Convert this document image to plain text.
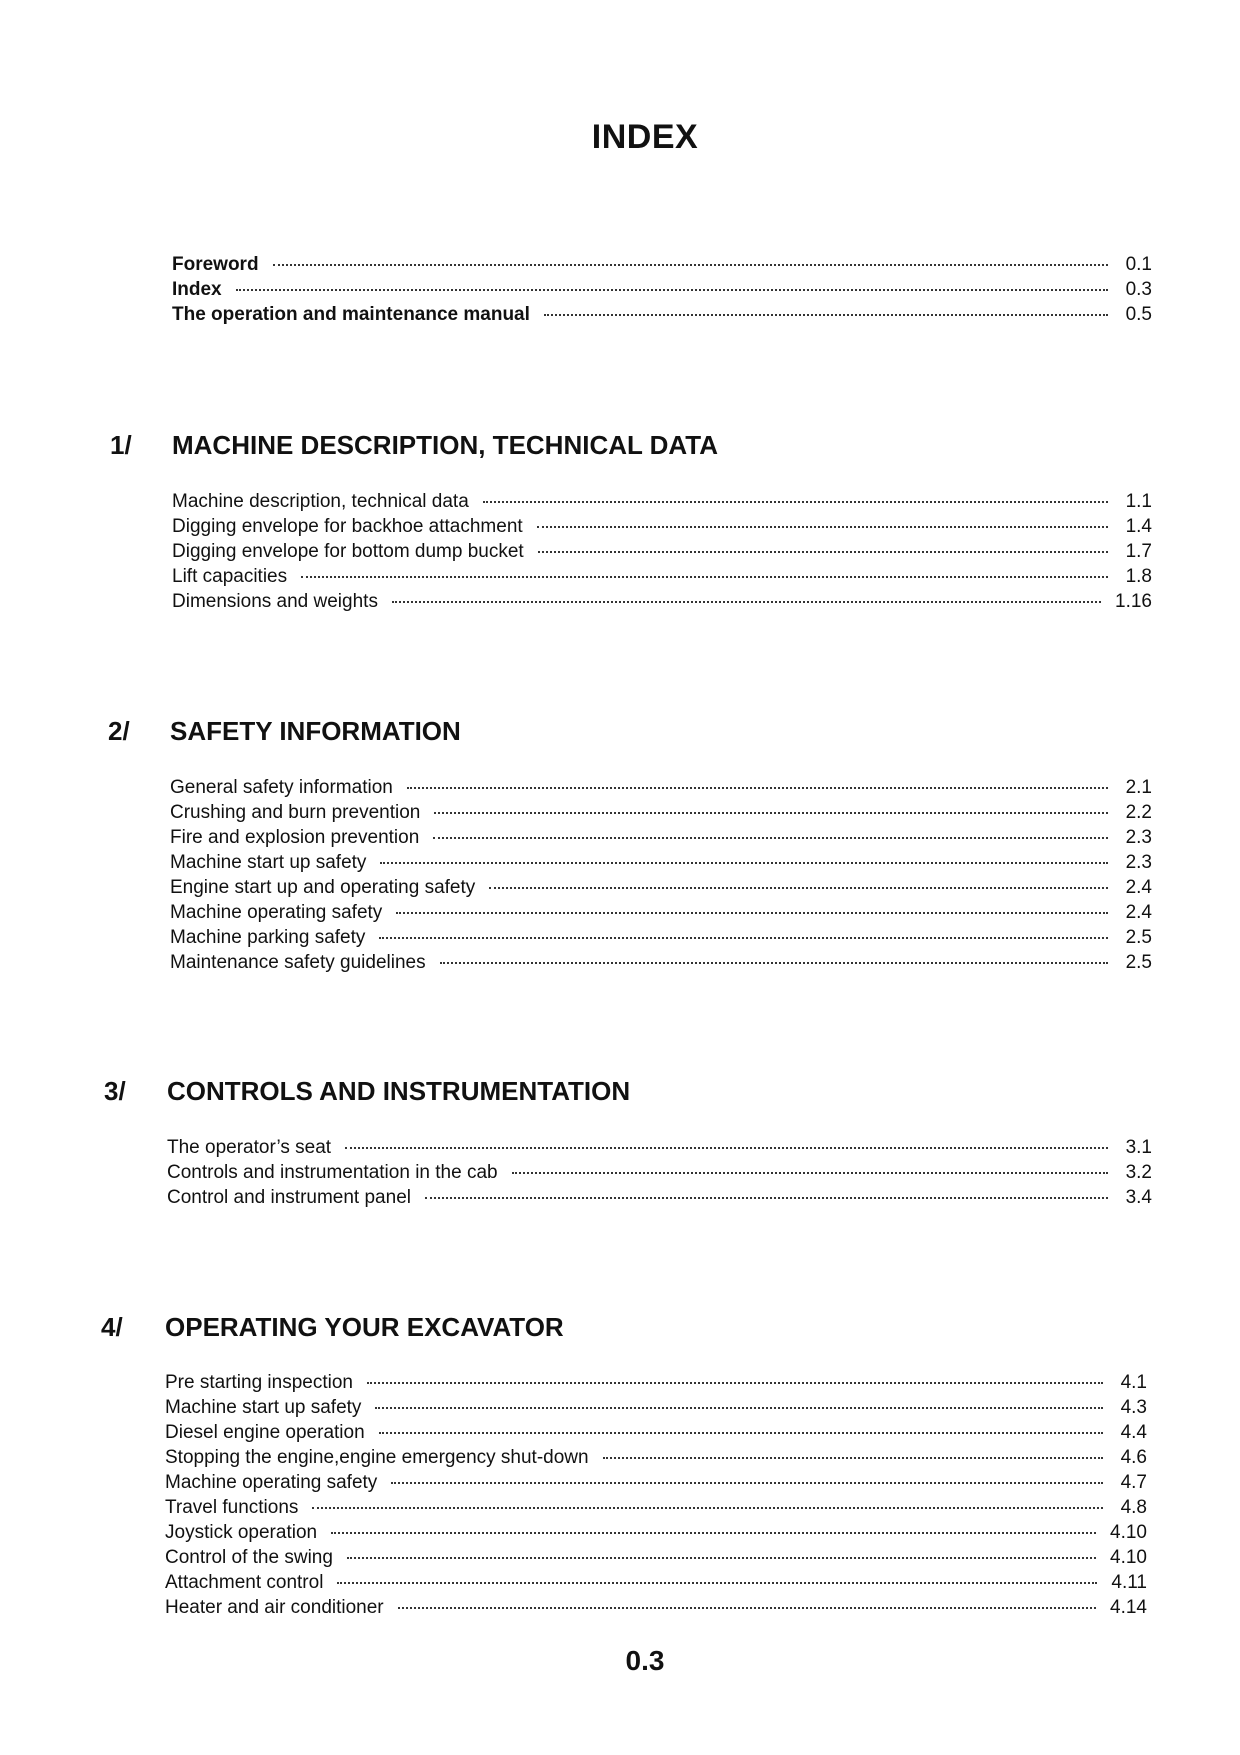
INDEX
Foreword	0.1
Index	0.3
The operation and maintenance manual	0.5
1/ MACHINE DESCRIPTION, TECHNICAL DATA
Machine description, technical data	1.1
Digging envelope for backhoe attachment	1.4
Digging envelope for bottom dump bucket	1.7
Lift capacities	1.8
Dimensions and weights	1.16
2/ SAFETY INFORMATION
General safety information	2.1
Crushing and burn prevention	2.2
Fire and explosion prevention	2.3
Machine start up safety	2.3
Engine start up and operating safety	2.4
Machine operating safety	2.4
Machine parking safety	2.5
Maintenance safety guidelines	2.5
3/ CONTROLS AND INSTRUMENTATION
The operator’s seat	3.1
Controls and instrumentation in the cab	3.2
Control and instrument panel	3.4
4/ OPERATING YOUR EXCAVATOR
Pre starting inspection	4.1
Machine start up safety	4.3
Diesel engine operation	4.4
Stopping the engine,engine emergency shut-down	4.6
Machine operating safety	4.7
Travel functions	4.8
Joystick operation	4.10
Control of the swing	4.10
Attachment control	4.11
Heater and air conditioner	4.14
0.3
